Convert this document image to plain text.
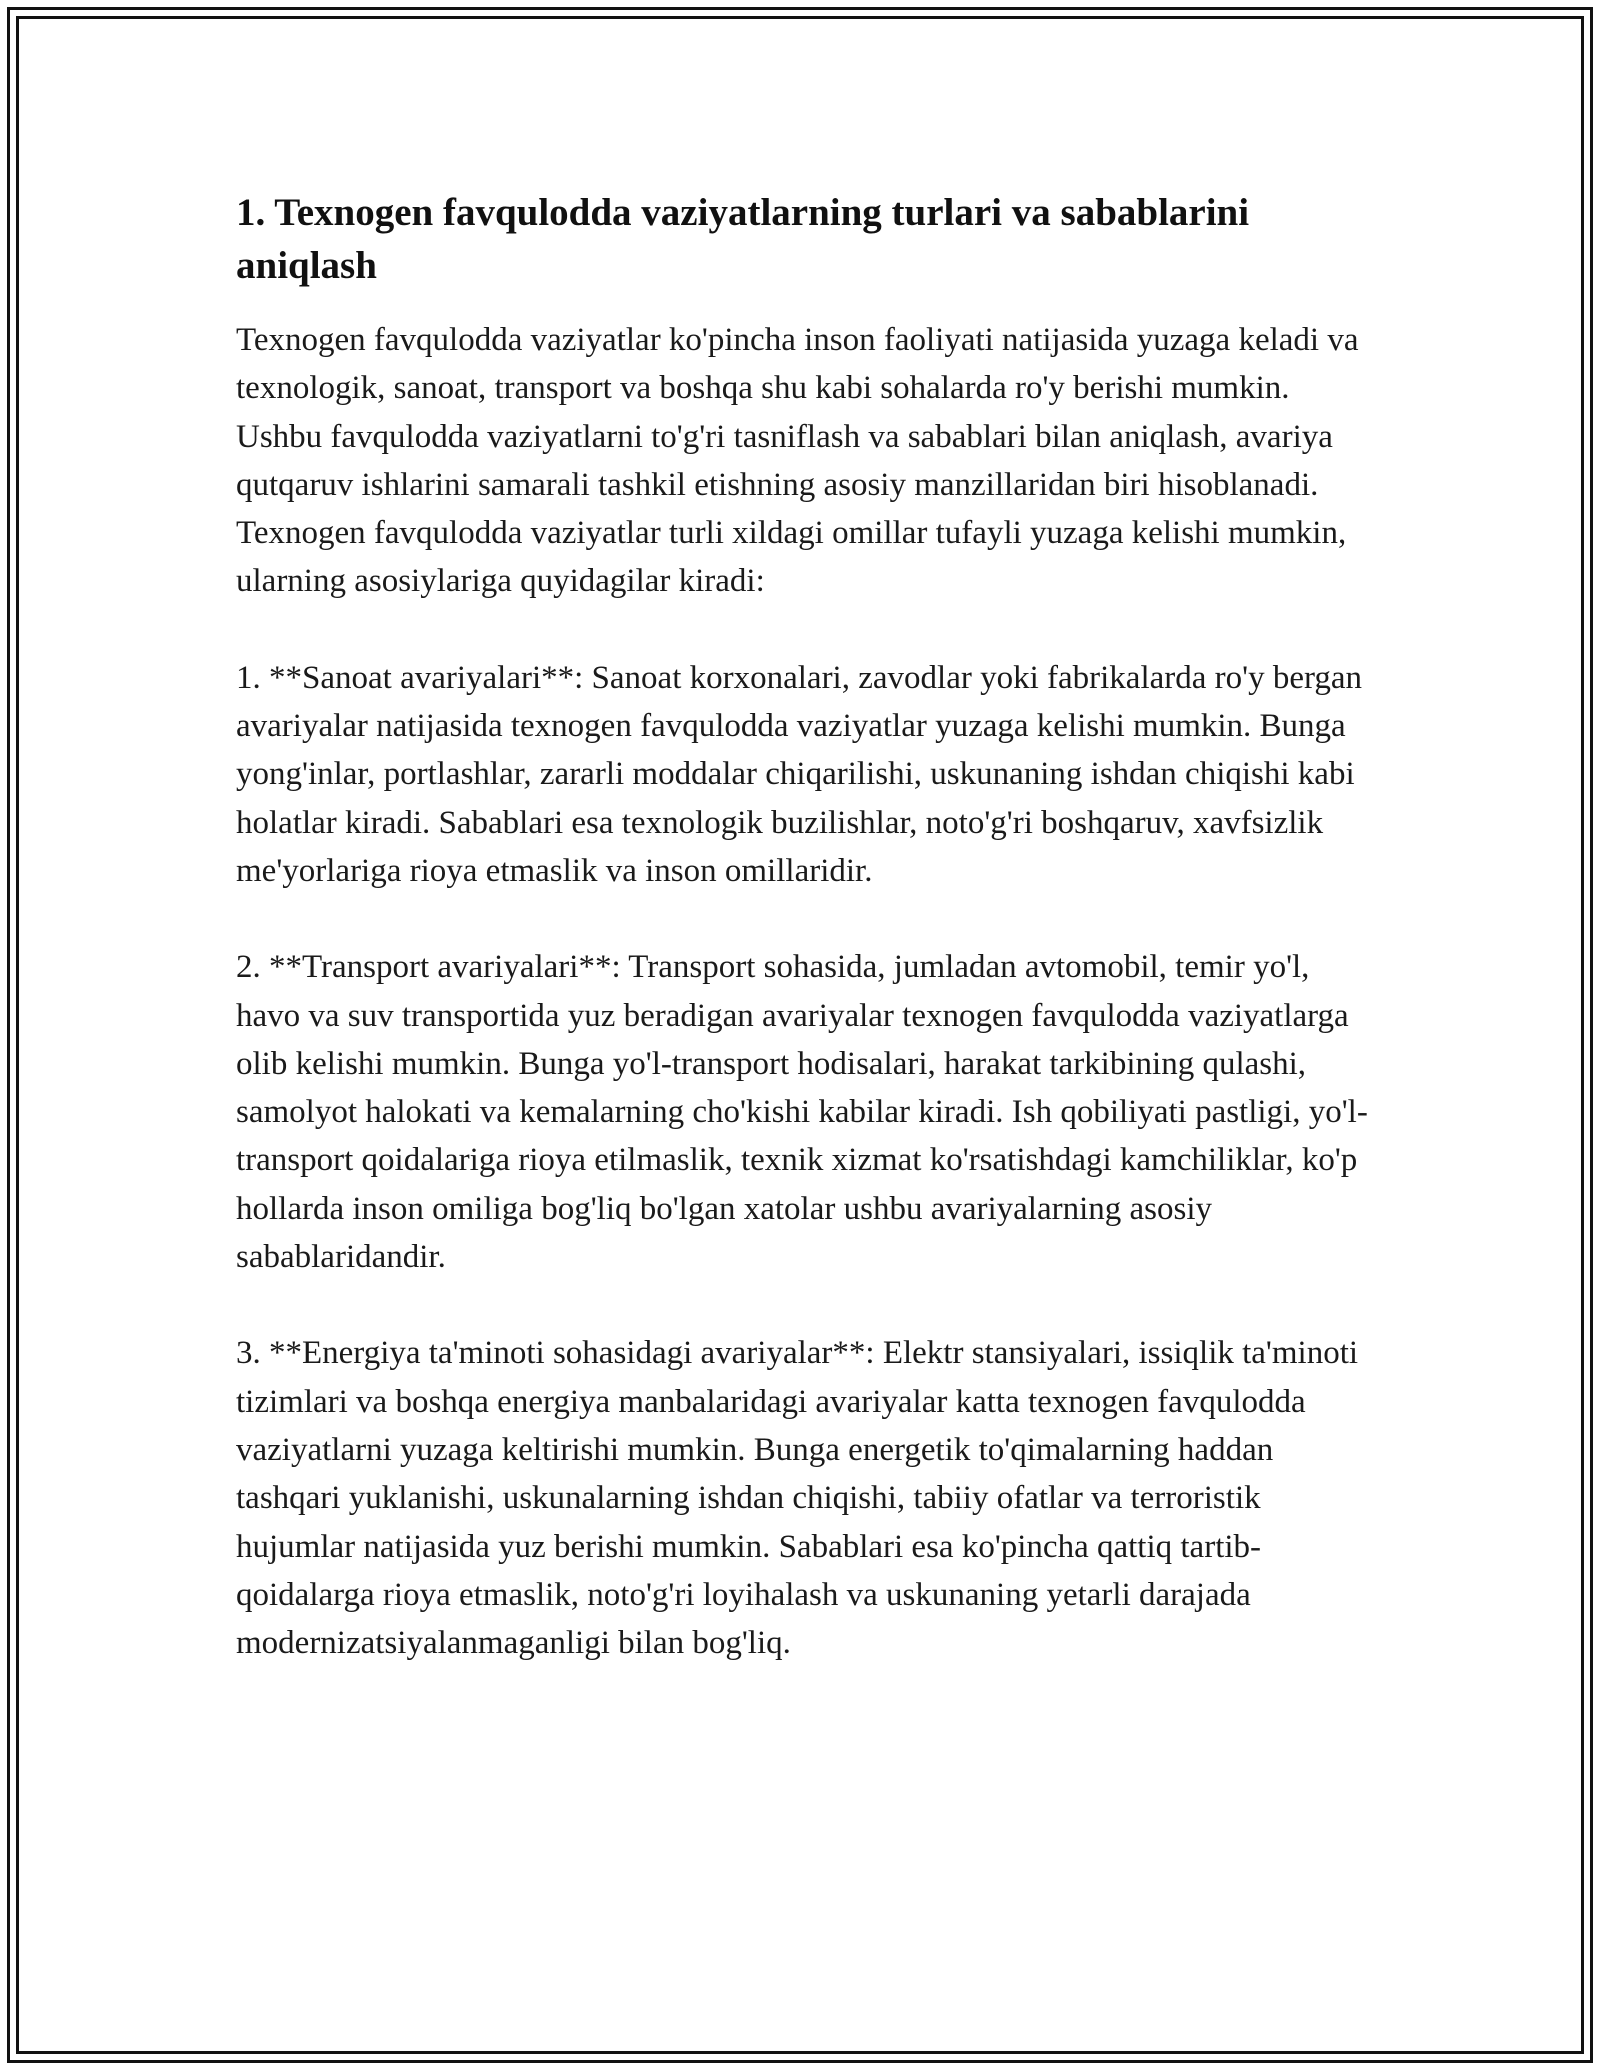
1. Texnogen favqulodda vaziyatlarning turlari va sabablarini aniqlash

Texnogen favqulodda vaziyatlar ko'pincha inson faoliyati natijasida yuzaga keladi va texnologik, sanoat, transport va boshqa shu kabi sohalarda ro'y berishi mumkin. Ushbu favqulodda vaziyatlarni to'g'ri tasniflash va sabablari bilan aniqlash, avariya qutqaruv ishlarini samarali tashkil etishning asosiy manzillaridan biri hisoblanadi. Texnogen favqulodda vaziyatlar turli xildagi omillar tufayli yuzaga kelishi mumkin, ularning asosiylariga quyidagilar kiradi:

1. **Sanoat avariyalari**: Sanoat korxonalari, zavodlar yoki fabrikalarda ro'y bergan avariyalar natijasida texnogen favqulodda vaziyatlar yuzaga kelishi mumkin. Bunga yong'inlar, portlashlar, zararli moddalar chiqarilishi, uskunaning ishdan chiqishi kabi holatlar kiradi. Sabablari esa texnologik buzilishlar, noto'g'ri boshqaruv, xavfsizlik me'yorlariga rioya etmaslik va inson omillaridir.

2. **Transport avariyalari**: Transport sohasida, jumladan avtomobil, temir yo'l, havo va suv transportida yuz beradigan avariyalar texnogen favqulodda vaziyatlarga olib kelishi mumkin. Bunga yo'l-transport hodisalari, harakat tarkibining qulashi, samolyot halokati va kemalarning cho'kishi kabilar kiradi. Ish qobiliyati pastligi, yo'l-transport qoidalariga rioya etilmaslik, texnik xizmat ko'rsatishdagi kamchiliklar, ko'p hollarda inson omiliga bog'liq bo'lgan xatolar ushbu avariyalarning asosiy sabablaridandir.

3. **Energiya ta'minoti sohasidagi avariyalar**: Elektr stansiyalari, issiqlik ta'minoti tizimlari va boshqa energiya manbalaridagi avariyalar katta texnogen favqulodda vaziyatlarni yuzaga keltirishi mumkin. Bunga energetik to'qimalarning haddan tashqari yuklanishi, uskunalarning ishdan chiqishi, tabiiy ofatlar va terroristik hujumlar natijasida yuz berishi mumkin. Sabablari esa ko'pincha qattiq tartib-qoidalarga rioya etmaslik, noto'g'ri loyihalash va uskunaning yetarli darajada modernizatsiyalanmaganligi bilan bog'liq.
